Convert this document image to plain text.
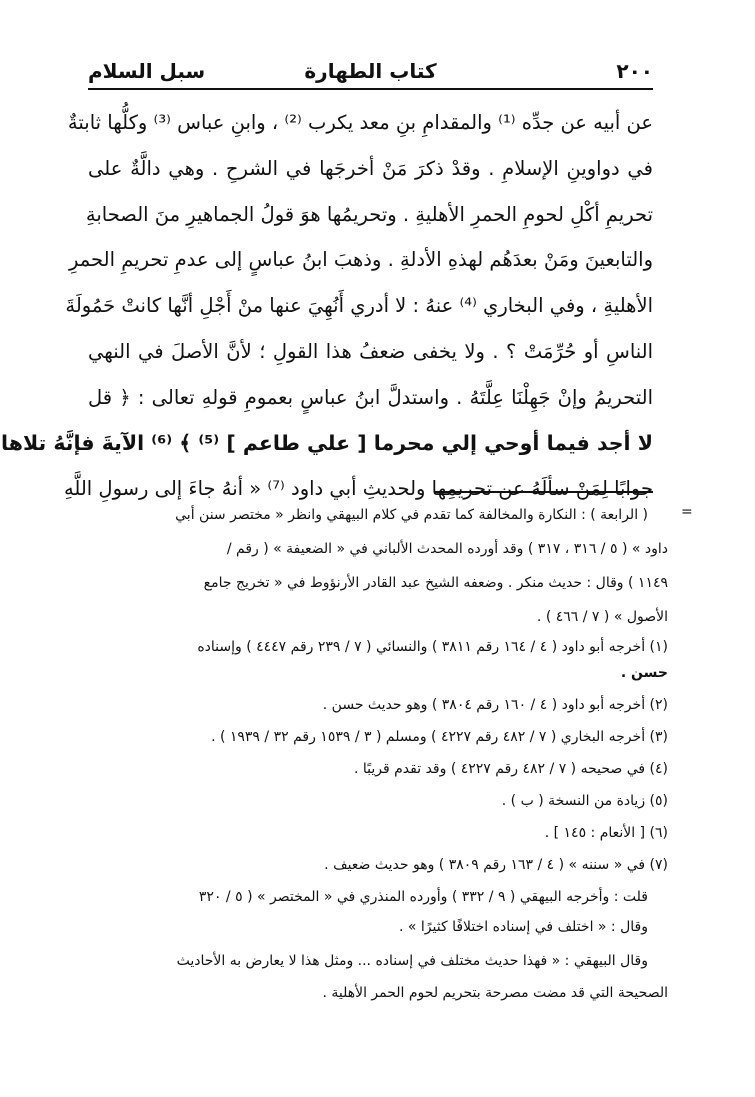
٢٠٠
كتاب الطهارة
سبل السلام
عن أبيه عن جدِّه ⁽¹⁾ والمقدامِ بنِ معد يكرب ⁽²⁾ ، وابنِ عباس ⁽³⁾ وكلُّها ثابتةٌ
في دواوينِ الإسلامِ . وقدْ ذكرَ مَنْ أخرجَها في الشرحِ . وهي دالَّةٌ على
تحريمِ أكْلِ لحومِ الحمرِ الأهليةِ . وتحريمُها هوَ قولُ الجماهيرِ منَ الصحابةِ
والتابعينَ ومَنْ بعدَهُم لهذهِ الأدلةِ . وذهبَ ابنُ عباسٍ إلى عدمِ تحريمِ الحمرِ
الأهليةِ ، وفي البخاري ⁽⁴⁾ عنهُ : لا أدري أَنُهِيَ عنها منْ أَجْلِ أنَّها كانتْ حَمُولَةَ
الناسِ أو حُرِّمَتْ ؟ . ولا يخفى ضعفُ هذا القولِ ؛ لأنَّ الأصلَ في النهي
التحريمُ وإنْ جَهِلْنَا عِلَّتَهُ . واستدلَّ ابنُ عباسٍ بعمومِ قولهِ تعالى : ﴿ قل
لا أجد فيما أوحي إلي محرما [ علي طاعم ] ⁽⁵⁾ ﴾ ⁽⁶⁾ الآيةَ فإنَّهُ تلاها
جوابًا لِمَنْ سألَهُ عن تحريمِها ولحديثِ أبي داود ⁽⁷⁾ « أنهُ جاءَ إلى رسولِ اللَّهِ
=
( الرابعة ) : النكارة والمخالفة كما تقدم في كلام البيهقي وانظر « مختصر سنن أبي
داود » ( ٥ / ٣١٦ ، ٣١٧ ) وقد أورده المحدث الألباني في « الضعيفة » ( رقم /
١١٤٩ ) وقال : حديث منكر . وضعفه الشيخ عبد القادر الأرنؤوط في « تخريج جامع
الأصول » ( ٧ / ٤٦٦ ) .
(١) أخرجه أبو داود ( ٤ / ١٦٤ رقم ٣٨١١ ) والنسائي ( ٧ / ٢٣٩ رقم ٤٤٤٧ ) وإسناده
حسن .
(٢) أخرجه أبو داود ( ٤ / ١٦٠ رقم ٣٨٠٤ ) وهو حديث حسن .
(٣) أخرجه البخاري ( ٧ / ٤٨٢ رقم ٤٢٢٧ ) ومسلم ( ٣ / ١٥٣٩ رقم ٣٢ / ١٩٣٩ ) .
(٤) في صحيحه ( ٧ / ٤٨٢ رقم ٤٢٢٧ ) وقد تقدم قريبًا .
(٥) زيادة من النسخة ( ب ) .
(٦) [ الأنعام : ١٤٥ ] .
(٧) في « سننه » ( ٤ / ١٦٣ رقم ٣٨٠٩ ) وهو حديث ضعيف .
قلت : وأخرجه البيهقي ( ٩ / ٣٣٢ ) وأورده المنذري في « المختصر » ( ٥ / ٣٢٠
وقال : « اختلف في إسناده اختلافًا كثيرًا » .
وقال البيهقي : « فهذا حديث مختلف في إسناده ... ومثل هذا لا يعارض به الأحاديث
الصحيحة التي قد مضت مصرحة بتحريم لحوم الحمر الأهلية .
